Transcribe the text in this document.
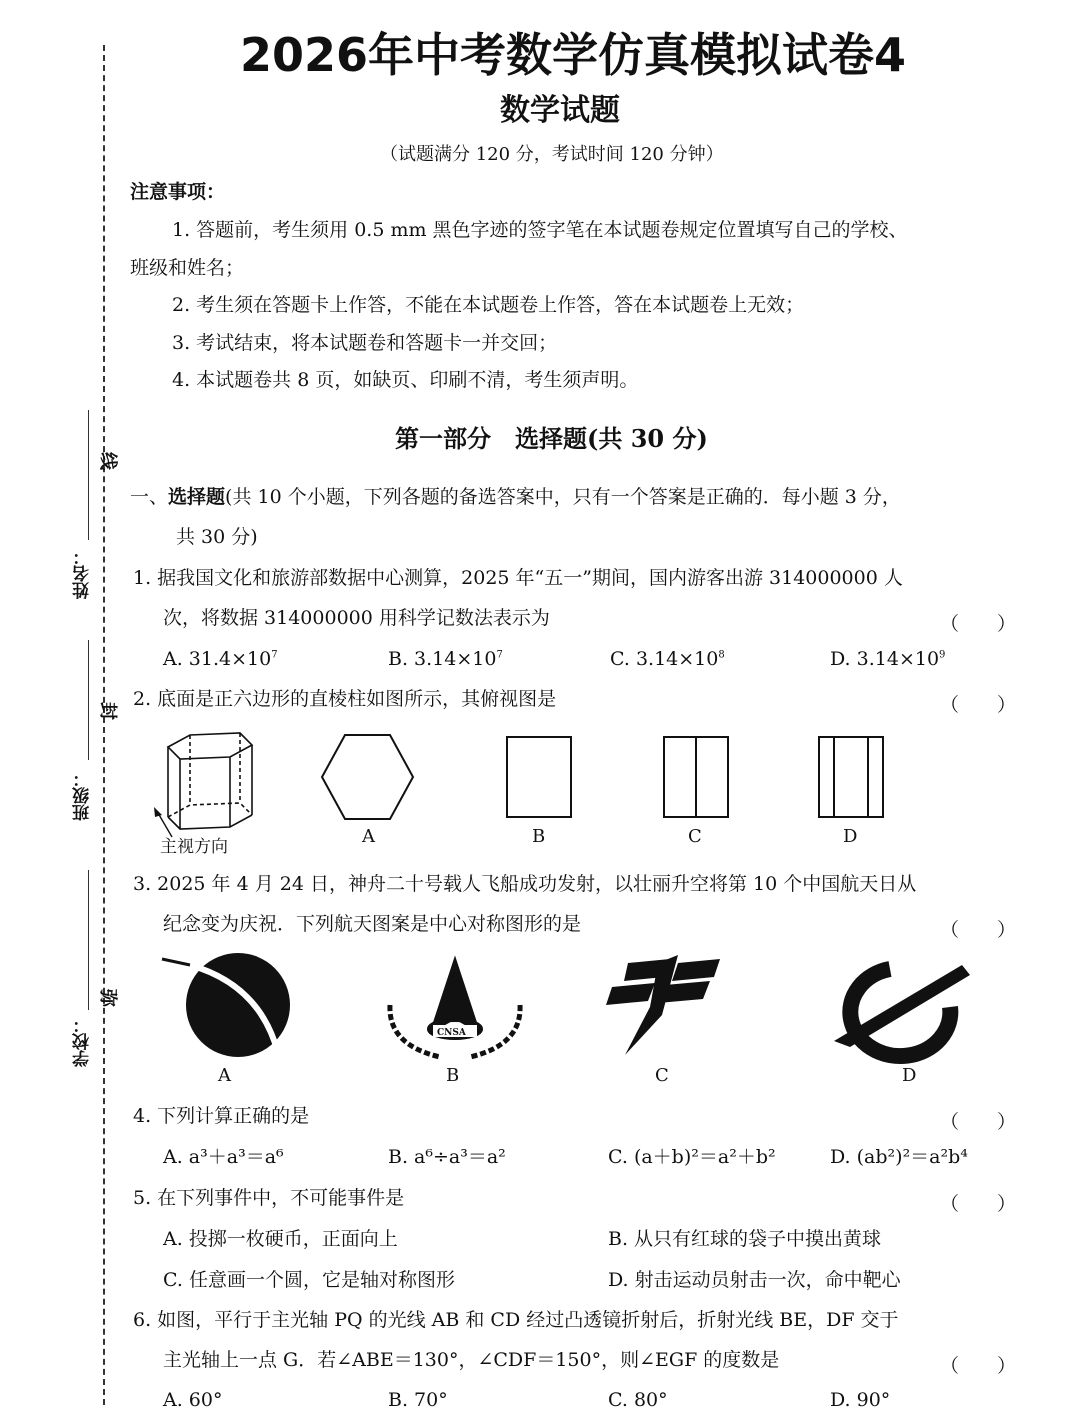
姓名：
线
班级：
封
学校：
弥
2026年中考数学仿真模拟试卷4
数学试题
（试题满分 120 分，考试时间 120 分钟）
注意事项：
1. 答题前，考生须用 0.5 mm 黑色字迹的签字笔在本试题卷规定位置填写自己的学校、
班级和姓名；
2. 考生须在答题卡上作答，不能在本试题卷上作答，答在本试题卷上无效；
3. 考试结束，将本试题卷和答题卡一并交回；
4. 本试题卷共 8 页，如缺页、印刷不清，考生须声明。
第一部分　选择题(共 30 分)
一、选择题(共 10 个小题，下列各题的备选答案中，只有一个答案是正确的．每小题 3 分，
共 30 分)
1. 据我国文化和旅游部数据中心测算，2025 年“五一”期间，国内游客出游 314000000 人
次，将数据 314000000 用科学记数法表示为	（　　）
A. $31.4\times 10^7$	B. $3.14\times 10^7$	C. $3.14\times 10^8$	D. $3.14\times 10^9$
2. 底面是正六边形的直棱柱如图所示，其俯视图是	（　　）
主视方向	A	B	C	D
3. 2025 年 4 月 24 日，神舟二十号载人飞船成功发射，以壮丽升空将第 10 个中国航天日从
纪念变为庆祝．下列航天图案是中心对称图形的是	（　　）
A
CNSA
B	C	D
4. 下列计算正确的是	（　　）
A. a³＋a³＝a⁶	B. a⁶÷a³＝a²	C. (a＋b)²＝a²＋b²	D. (ab²)²＝a²b⁴
5. 在下列事件中，不可能事件是	（　　）
A. 投掷一枚硬币，正面向上	B. 从只有红球的袋子中摸出黄球
C. 任意画一个圆，它是轴对称图形	D. 射击运动员射击一次，命中靶心
6. 如图，平行于主光轴 PQ 的光线 AB 和 CD 经过凸透镜折射后，折射光线 BE，DF 交于
主光轴上一点 G．若∠ABE＝130°，∠CDF＝150°，则∠EGF 的度数是	（　　）
A. 60°	B. 70°	C. 80°	D. 90°
